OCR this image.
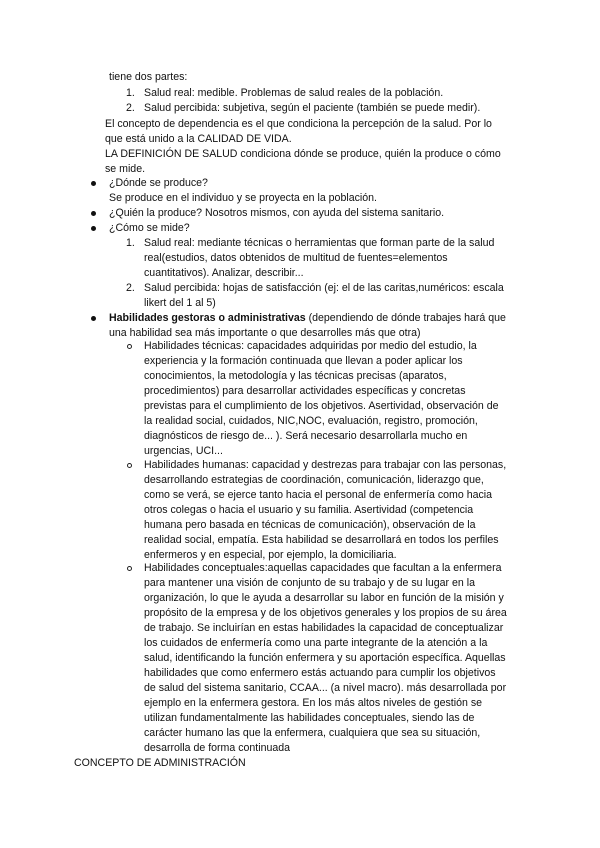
tiene dos partes:
1. Salud real: medible. Problemas de salud reales de la población.
2. Salud percibida: subjetiva, según el paciente (también se puede medir).
El concepto de dependencia es el que condiciona la percepción de la salud. Por lo
que está unido a la CALIDAD DE VIDA.
LA DEFINICIÓN DE SALUD condiciona dónde se produce, quién la produce o cómo
se mide.
¿Dónde se produce?
Se produce en el individuo y se proyecta en la población.
¿Quién la produce? Nosotros mismos, con ayuda del sistema sanitario.
¿Cómo se mide?
1. Salud real: mediante técnicas o herramientas que forman parte de la salud
real(estudios, datos obtenidos de multitud de fuentes=elementos
cuantitativos). Analizar, describir...
2. Salud percibida: hojas de satisfacción (ej: el de las caritas,numéricos: escala
likert del 1 al 5)
Habilidades gestoras o administrativas (dependiendo de dónde trabajes hará que
una habilidad sea más importante o que desarrolles más que otra)
Habilidades técnicas: capacidades adquiridas por medio del estudio, la
experiencia y la formación continuada que llevan a poder aplicar los
conocimientos, la metodología y las técnicas precisas (aparatos,
procedimientos) para desarrollar actividades específicas y concretas
previstas para el cumplimiento de los objetivos. Asertividad, observación de
la realidad social, cuidados, NIC,NOC, evaluación, registro, promoción,
diagnósticos de riesgo de... ). Será necesario desarrollarla mucho en
urgencias, UCI...
Habilidades humanas: capacidad y destrezas para trabajar con las personas,
desarrollando estrategias de coordinación, comunicación, liderazgo que,
como se verá, se ejerce tanto hacia el personal de enfermería como hacia
otros colegas o hacia el usuario y su familia. Asertividad (competencia
humana pero basada en técnicas de comunicación), observación de la
realidad social, empatía. Esta habilidad se desarrollará en todos los perfiles
enfermeros y en especial, por ejemplo, la domiciliaria.
Habilidades conceptuales:aquellas capacidades que facultan a la enfermera
para mantener una visión de conjunto de su trabajo y de su lugar en la
organización, lo que le ayuda a desarrollar su labor en función de la misión y
propósito de la empresa y de los objetivos generales y los propios de su área
de trabajo. Se incluirían en estas habilidades la capacidad de conceptualizar
los cuidados de enfermería como una parte integrante de la atención a la
salud, identificando la función enfermera y su aportación específica. Aquellas
habilidades que como enfermero estás actuando para cumplir los objetivos
de salud del sistema sanitario, CCAA... (a nivel macro). más desarrollada por
ejemplo en la enfermera gestora. En los más altos niveles de gestión se
utilizan fundamentalmente las habilidades conceptuales, siendo las de
carácter humano las que la enfermera, cualquiera que sea su situación,
desarrolla de forma continuada
CONCEPTO DE ADMINISTRACIÓN
